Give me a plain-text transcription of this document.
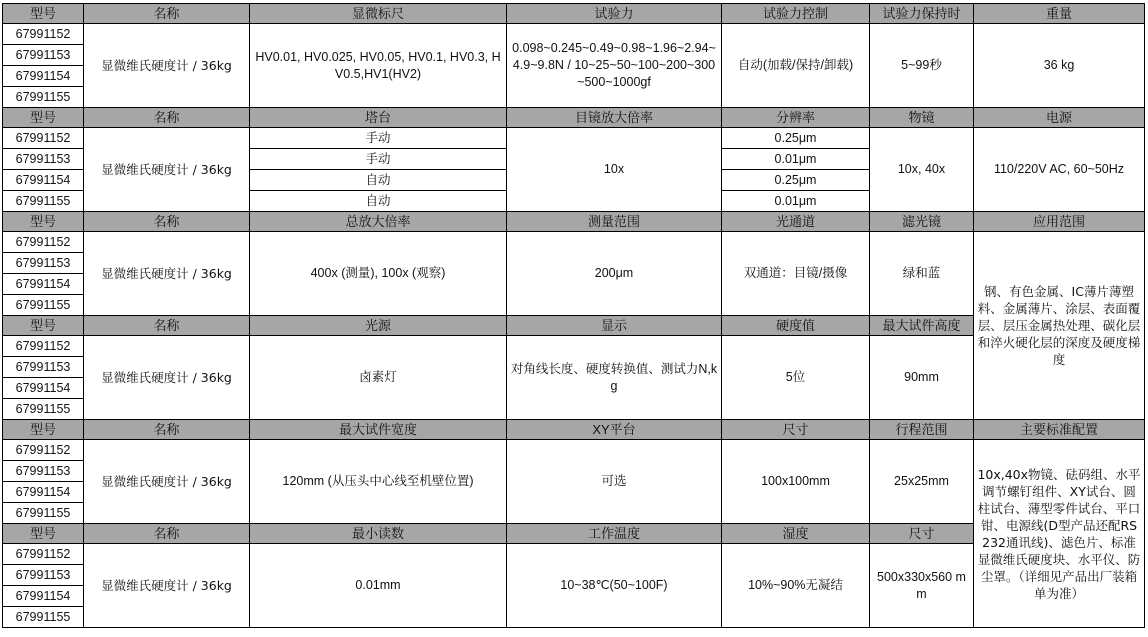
型号	名称	显微标尺	试验力	试验力控制	试验力保持时	重量
67991152	显微维氏硬度计 / 36kg	HV0.01, HV0.025, HV0.05, HV0.1, HV0.3, HV0.5,HV1(HV2)	0.098~0.245~0.49~0.98~1.96~2.94~4.9~9.8N / 10~25~50~100~200~300~500~1000gf	自动(加载/保持/卸载)	5~99秒	36 kg
67991153						
67991154						
67991155						
型号	名称	塔台	目镜放大倍率	分辨率	物镜	电源
67991152	显微维氏硬度计 / 36kg	手动	10x	0.25μm	10x, 40x	110/220V AC, 60~50Hz
67991153		手动		0.01μm		
67991154		自动		0.25μm		
67991155		自动		0.01μm		
型号	名称	总放大倍率	测量范围	光通道	滤光镜	应用范围
67991152	显微维氏硬度计 / 36kg	400x (测量), 100x (观察)	200μm	双通道：目镜/摄像	绿和蓝	钢、有色金属、IC薄片薄塑料、金属薄片、涂层、表面覆层、层压金属热处理、碳化层和淬火硬化层的深度及硬度梯度
67991153						
67991154						
67991155						
型号	名称	光源	显示	硬度值	最大试件高度	
67991152	显微维氏硬度计 / 36kg	卤素灯	对角线长度、硬度转换值、测试力N,kg	5位	90mm	
67991153						
67991154						
67991155						
型号	名称	最大试件宽度	XY平台	尺寸	行程范围	主要标准配置
67991152	显微维氏硬度计 / 36kg	120mm (从压头中心线至机壁位置)	可选	100x100mm	25x25mm	10x,40x物镜、砝码组、水平调节螺钉组件、XY试台、圆柱试台、薄型零件试台、平口钳、电源线(D型产品还配RS232通讯线)、滤色片、标准显微维氏硬度块、水平仪、防尘罩。（详细见产品出厂装箱单为准）
67991153						
67991154						
67991155						
型号	名称	最小读数	工作温度	湿度	尺寸	
67991152	显微维氏硬度计 / 36kg	0.01mm	10~38℃(50~100F)	10%~90%无凝结	500x330x560 mm	
67991153						
67991154						
67991155						
